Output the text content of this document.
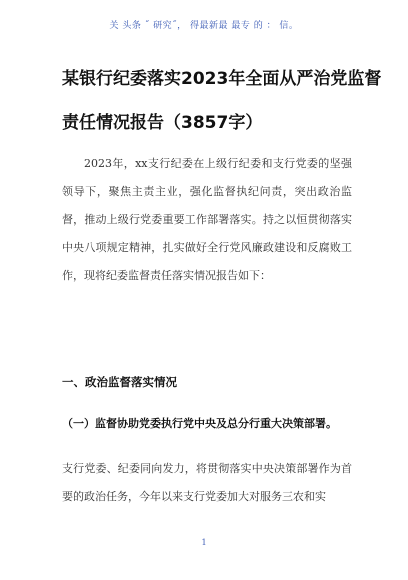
关 头条 ˝ 研究˝， 得最新最 最专 的 ： 信。
某银行纪委落实2023年全面从严治党监督
责任情况报告（3857字）
2023年，xx支行纪委在上级行纪委和支行党委的坚强领导下，聚焦主责主业，强化监督执纪问责，突出政治监督，推动上级行党委重要工作部署落实。持之以恒贯彻落实中央八项规定精神，扎实做好全行党风廉政建设和反腐败工作，现将纪委监督责任落实情况报告如下：
一、政治监督落实情况
（一）监督协助党委执行党中央及总分行重大决策部署。
支行党委、纪委同向发力，将贯彻落实中央决策部署作为首要的政治任务，今年以来支行党委加大对服务三农和实
1
